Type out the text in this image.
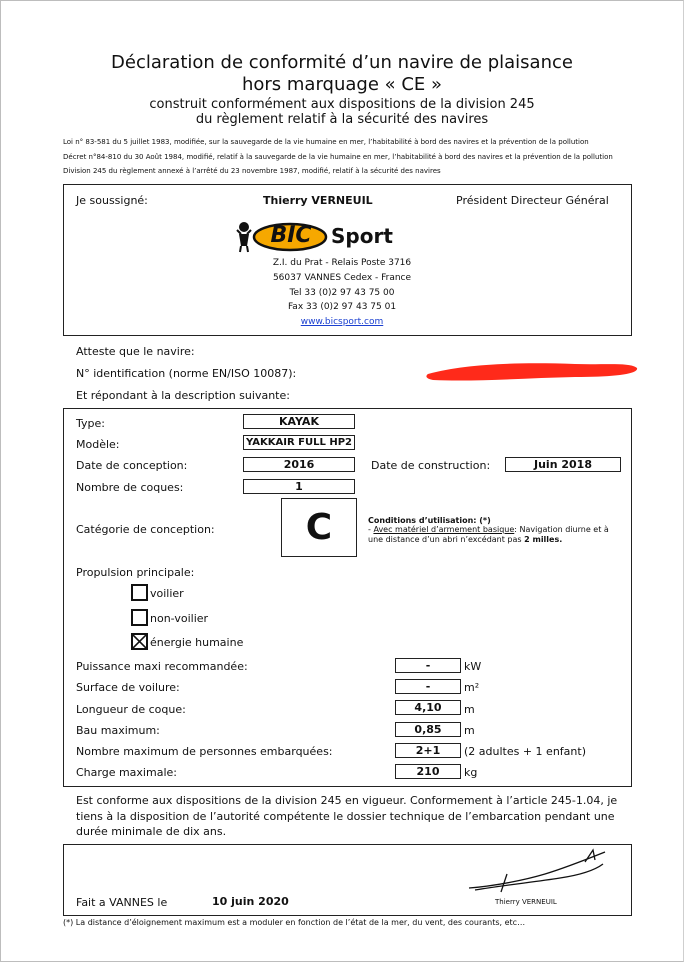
Déclaration de conformité d’un navire de plaisance
hors marquage « CE »
construit conformément aux dispositions de la division 245
du règlement relatif à la sécurité des navires
Loi n° 83-581 du 5 juillet 1983, modifiée, sur la sauvegarde de la vie humaine en mer, l’habitabilité à bord des navires et la prévention de la pollution
Décret n°84-810 du 30 Août 1984, modifié, relatif à la sauvegarde de la vie humaine en mer, l’habitabilité à bord des navires et la prévention de la pollution
Division 245 du règlement annexé à l’arrêté du 23 novembre 1987, modifié, relatif à la sécurité des navires
Je soussigné:	Thierry VERNEUIL	Président Directeur Général
BIC Sport
Z.I. du Prat - Relais Poste 3716
56037 VANNES Cedex - France
Tel 33 (0)2 97 43 75 00
Fax 33 (0)2 97 43 75 01
www.bicsport.com
Atteste que le navire:
N° identification (norme EN/ISO 10087):
Et répondant à la description suivante:
Type:	KAYAK
Modèle:	YAKKAIR FULL HP2
Date de conception:	2016	Date de construction:	Juin 2018
Nombre de coques:	1
Catégorie de conception:	C	Conditions d’utilisation: (*)
- Avec matériel d’armement basique: Navigation diurne et à
une distance d’un abri n’excédant pas 2 milles.
Propulsion principale:
voilier
non-voilier
énergie humaine
Puissance maxi recommandée:	-	kW
Surface de voilure:	-	m²
Longueur de coque:	4,10	m
Bau maximum:	0,85	m
Nombre maximum de personnes embarquées:	2+1	(2 adultes + 1 enfant)
Charge maximale:	210	kg
Est conforme aux dispositions de la division 245 en vigueur. Conformement à l’article 245-1.04, je
tiens à la disposition de l’autorité compétente le dossier technique de l’embarcation pendant une
durée minimale de dix ans.
Fait a VANNES le	10 juin 2020	Thierry VERNEUIL
(*) La distance d’éloignement maximum est a moduler en fonction de l’état de la mer, du vent, des courants, etc…
